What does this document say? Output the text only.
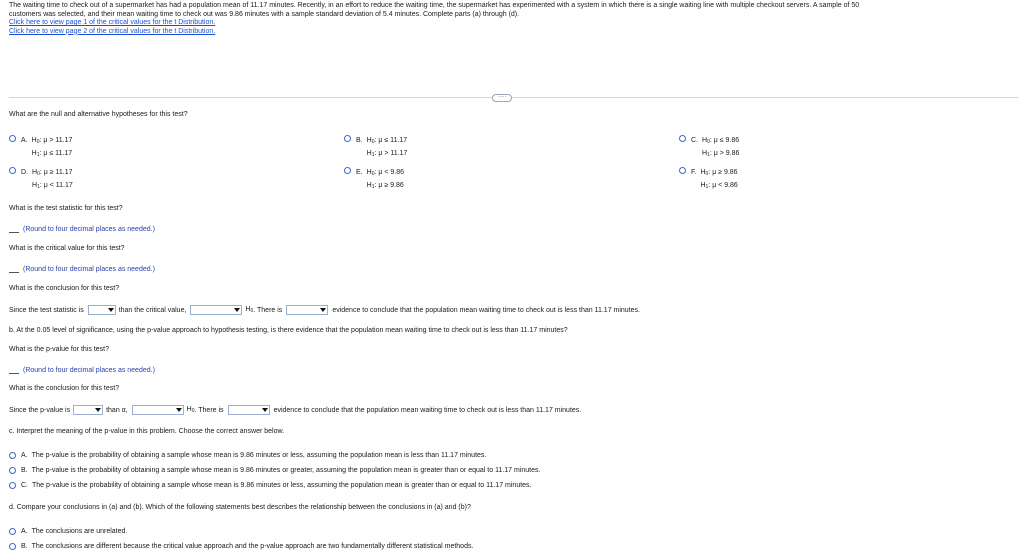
The waiting time to check out of a supermarket has had a population mean of 11.17 minutes. Recently, in an effort to reduce the waiting time, the supermarket has experimented with a system in which there is a single waiting line with multiple checkout servers. A sample of 50
customers was selected, and their mean waiting time to check out was 9.86 minutes with a sample standard deviation of 5.4 minutes. Complete parts (a) through (d).
Click here to view page 1 of the critical values for the t Distribution.
Click here to view page 2 of the critical values for the t Distribution.
·····
What are the null and alternative hypotheses for this test?
A. $H_0$: μ > 11.17
$H_1$: μ ≤ 11.17
B. $H_0$: μ ≤ 11.17
$H_1$: μ > 11.17
C. $H_0$: μ ≤ 9.86
$H_1$: μ > 9.86
D. $H_0$: μ ≥ 11.17
$H_1$: μ < 11.17
E. $H_0$: μ < 9.86
$H_1$: μ ≥ 9.86
F. $H_0$: μ ≥ 9.86
$H_1$: μ < 9.86
What is the test statistic for this test?
(Round to four decimal places as needed.)
What is the critical value for this test?
(Round to four decimal places as needed.)
What is the conclusion for this test?
Since the test statistic is	than the critical value,	$H_0$ . There is	evidence to conclude that the population mean waiting time to check out is less than 11.17 minutes.
b. At the 0.05 level of significance, using the p-value approach to hypothesis testing, is there evidence that the population mean waiting time to check out is less than 11.17 minutes?
What is the p-value for this test?
(Round to four decimal places as needed.)
What is the conclusion for this test?
Since the p-value is	than α,	$H_0$ . There is	evidence to conclude that the population mean waiting time to check out is less than 11.17 minutes.
c. Interpret the meaning of the p-value in this problem. Choose the correct answer below.
A. The p-value is the probability of obtaining a sample whose mean is 9.86 minutes or less, assuming the population mean is less than 11.17 minutes.
B. The p-value is the probability of obtaining a sample whose mean is 9.86 minutes or greater, assuming the population mean is greater than or equal to 11.17 minutes.
C. The p-value is the probability of obtaining a sample whose mean is 9.86 minutes or less, assuming the population mean is greater than or equal to 11.17 minutes.
d. Compare your conclusions in (a) and (b). Which of the following statements best describes the relationship between the conclusions in (a) and (b)?
A. The conclusions are unrelated.
B. The conclusions are different because the critical value approach and the p-value approach are two fundamentally different statistical methods.
